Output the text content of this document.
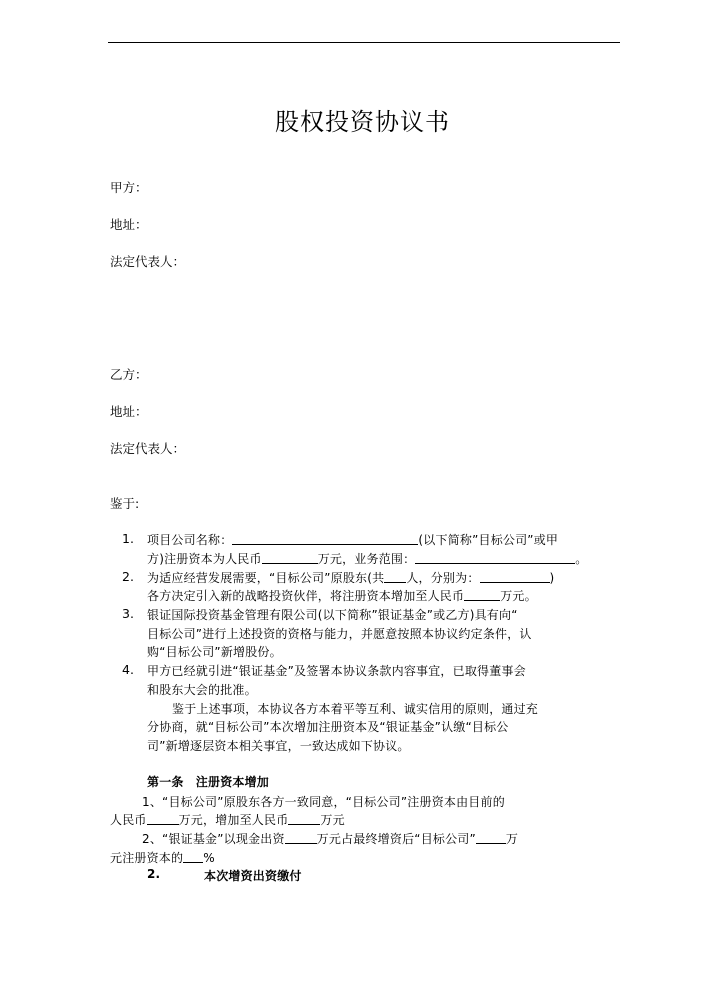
股权投资协议书
甲方：
地址：
法定代表人：
乙方：
地址：
法定代表人：
鉴于:
1. 项目公司名称：	(以下简称”目标公司”或甲
方)注册资本为人民币	万元，业务范围：	。
2. 为适应经营发展需要，“目标公司”原股东(共 人，分别为：	)
各方决定引入新的战略投资伙伴，将注册资本增加至人民币	万元。
3. 银证国际投资基金管理有限公司(以下简称”银证基金”或乙方)具有向“
目标公司”进行上述投资的资格与能力，并愿意按照本协议约定条件，认
购“目标公司”新增股份。
4. 甲方已经就引进“银证基金”及签署本协议条款内容事宜，已取得董事会
和股东大会的批准。
鉴于上述事项，本协议各方本着平等互利、诚实信用的原则，通过充
分协商，就“目标公司”本次增加注册资本及“银证基金”认缴“目标公
司”新增逐层资本相关事宜，一致达成如下协议。
第一条　注册资本增加
1、“目标公司”原股东各方一致同意，“目标公司”注册资本由目前的
人民币	万元，增加至人民币	万元
2、“银证基金”以现金出资	万元占最终增资后“目标公司”	万
元注册资本的 %
2.	本次增资出资缴付
